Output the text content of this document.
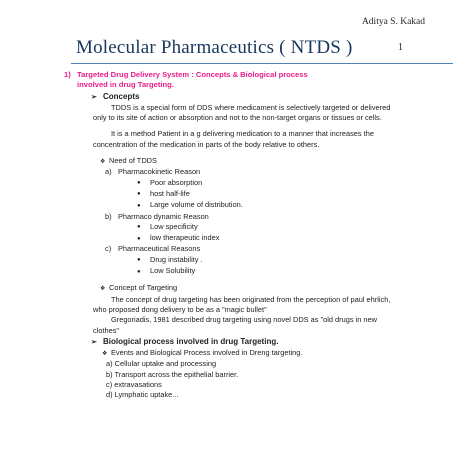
Aditya S. Kakad
Molecular Pharmaceutics ( NTDS )	1
1) Targeted Drug Delivery System : Concepts & Biological process
involved in drug Targeting.
➢ Concepts
TDDS is a special form of DDS where medicament is selectively targeted or delivered only to its site of action or absorption and not to the non-target organs or tissues or cells.
It is a method Patient in a g delivering medication to a manner that increases the concentration of the medication in parts of the body relative to others.
❖ Need of TDDS
a) Pharmacokinetic Reason
● Poor absorption
● host half-life
● Large volume of distribution.
b) Pharmaco dynamic Reason
● Low specificity
● low therapeutic index
c) Pharmaceutical Reasons
● Drug instability .
● Low Solubility
❖ Concept of Targeting
The concept of drug targeting has been originated from the perception of paul ehrlich, who proposed dong delivery to be as a "magic bullet"
Gregoriadis, 1981 described drug targeting using novel DDS as "old drugs in new clothes"
➢ Biological process involved in drug Targeting.
❖ Events and Biological Process involved in Dreng targeting.
a) Cellular uptake and processing
b) Transport across the epithelial barrier.
c) extravasations
d) Lymphatic uptake...
